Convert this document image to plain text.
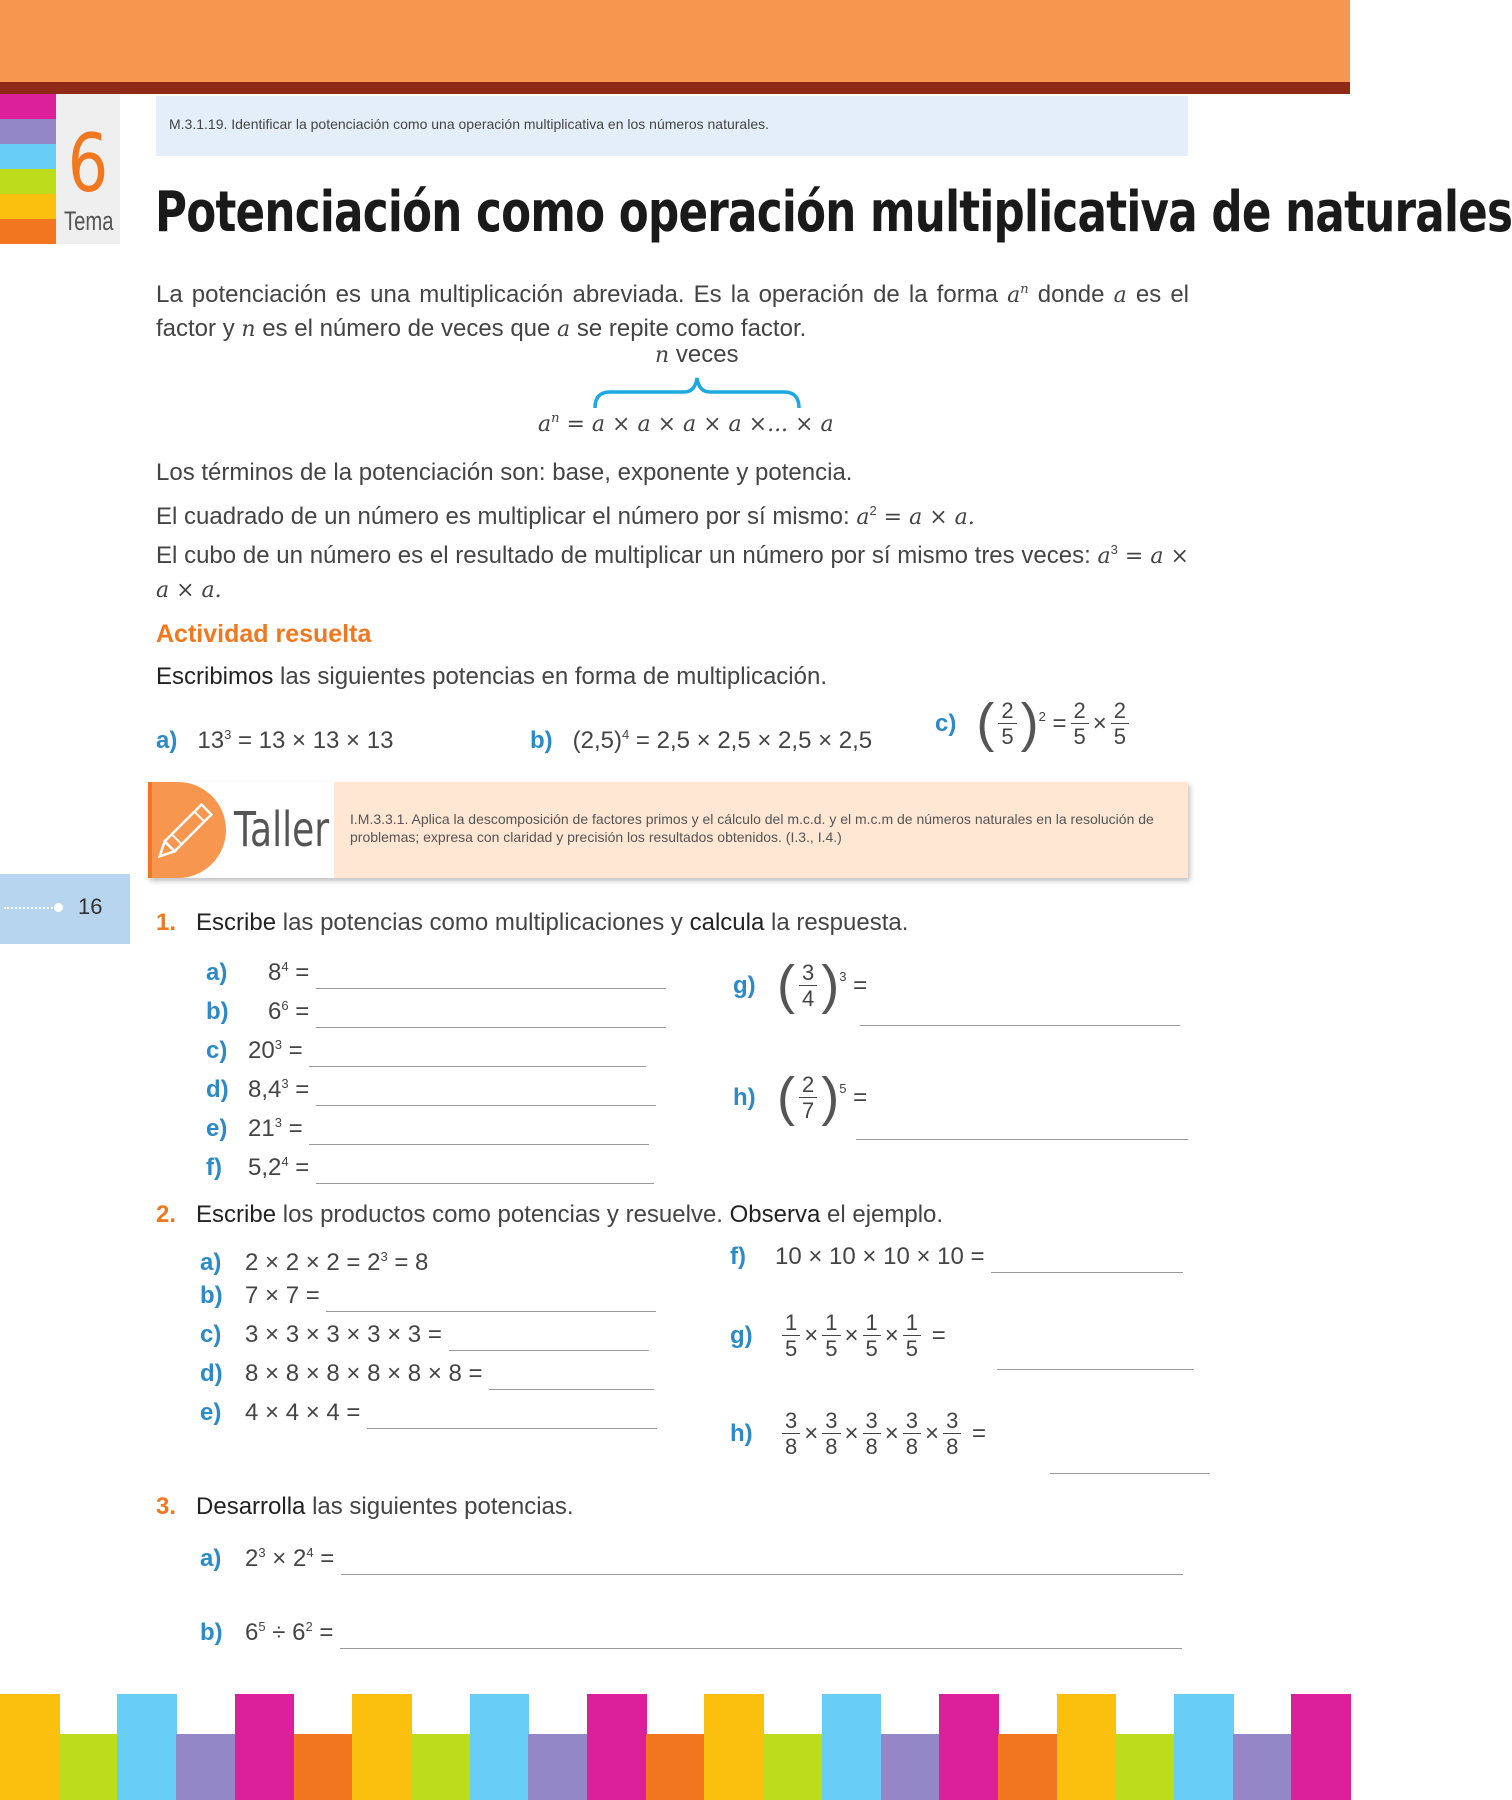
6
Tema
M.3.1.19. Identificar la potenciación como una operación multiplicativa en los números naturales.
Potenciación como operación multiplicativa de naturales
La potenciación es una multiplicación abreviada. Es la operación de la forma $a^n$ donde a es el factor y n es el número de veces que a se repite como factor.
n veces
$a^n = a \times a \times a \times a$ ×... × a
Los términos de la potenciación son: base, exponente y potencia.
El cuadrado de un número es multiplicar el número por sí mismo: $a^2 = a \times a$.
El cubo de un número es el resultado de multiplicar un número por sí mismo tres veces: $a^3 = a \times a \times a$.
Actividad resuelta
Escribimos las siguientes potencias en forma de multiplicación.
a) $13^3 = 13 \times 13 \times 13$	b) $(2,5)^4 = 2,5 \times 2,5 \times 2,5 \times 2,5$
c)
( $\frac{2}{5} )^2$
= $\frac{2}{5} \times \frac{2}{5}$
Taller I.M.3.3.1. Aplica la descomposición de factores primos y el cálculo del m.c.d. y el m.c.m de números naturales en la resolución de problemas; expresa con claridad y precisión los resultados obtenidos. (I.3., I.4.)
16
1. Escribe las potencias como multiplicaciones y calcula la respuesta.
a) $8^4$ =
b) $6^6$ =
c) $20^3$ =
d) $8,4^3$ =
e) $21^3$ =
f) $5,2^4$ =
g) ( $\frac{3}{4} )^3$
=
h) ( $\frac{2}{7} )^5$
=
2. Escribe los productos como potencias y resuelve. Observa el ejemplo.
a) $2 \times 2 \times 2 = 2^3 = 8$
b) 7 × 7 =
c) 3 × 3 × 3 × 3 × 3 =
d) 8 × 8 × 8 × 8 × 8 × 8 =
e) 4 × 4 × 4 =
f) 10 × 10 × 10 × 10 =
g)	$\frac{1}{5} \times \frac{1}{5} \times \frac{1}{5} \times \frac{1}{5}$
=
h)	$\frac{3}{8} \times \frac{3}{8} \times \frac{3}{8} \times \frac{3}{8} \times \frac{3}{8}$
=
3. Desarrolla las siguientes potencias.
a) $2^3 \times 2^4$ =
b) $6^5 \div 6^2$ =
